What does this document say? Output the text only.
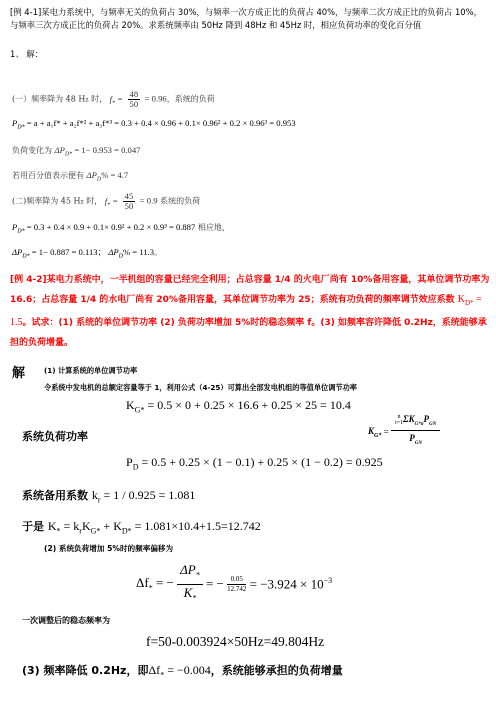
[例 4-1]某电力系统中，与频率无关的负荷占 30%，与频率一次方成正比的负荷占 40%，与频率二次方成正比的负荷占 10%，与频率三次方成正比的负荷占 20%。求系统频率由 50Hz 降到 48Hz 和 45Hz 时，相应负荷功率的变化百分值
1、 解：
(一）频率降为 48 Hz 时， $f_* = \frac{48}{50} = 0.96$，系统的负荷
$P_{D*} = a + a_1f* + a_2f*^2 + a_3f*^3 = 0.3 + 0.4 \times 0.96 + 0.1\times 0.96^2 + 0.2 \times 0.96^3 = 0.953$
负荷变化为 $\Delta P_{D*} = 1- 0.953 = 0.047$
若用百分值表示便有 $\Delta P_D\% = 4.7$
(二)频率降为 45 Hz 时， $f_* = \frac{45}{50} = 0.9$ 系统的负荷
$P_{D*} = 0.3 + 0.4 \times 0.9 + 0.1\times 0.9^2 + 0.2 \times 0.9^3 = 0.887$ 相应地，
$\Delta P_{D*} = 1- 0.887 = 0.113$； $\Delta P_D\% = 11.3$。
[例 4-2]某电力系统中，一半机组的容量已经完全利用；占总容量 1/4 的火电厂尚有 10%备用容量，其单位调节功率为 16.6；占总容量 1/4 的水电厂尚有 20%备用容量，其单位调节功率为 25；系统有功负荷的频率调节效应系数 $K_{D*} = 1.5$。试求：(1) 系统的单位调节功率 (2) 负荷功率增加 5%时的稳态频率 f。(3) 如频率容许降低 0.2Hz，系统能够承担的负荷增量。
解	(1) 计算系统的单位调节功率
令系统中发电机的总额定容量等于 1，利用公式（4-25）可算出全部发电机组的等值单位调节功率
$K_{G*} = 0.5 \times 0 + 0.25 \times 16.6 + 0.25 \times 25 = 10.4$
系统负荷功率	$K_{G*}$ =
n
i=1 $\Sigma K_{G*n}P_{GN}$
$P_{GN}$
$P_D = 0.5 + 0.25 \times (1 - 0.1) + 0.25 \times (1 - 0.2) = 0.925$
系统备用系数 $k_r = 1 / 0.925 = 1.081$
于是 $K_* = k_rK_{G*} + K_{D*} = 1.081\times 10.4+1.5=12.742$
(2) 系统负荷增加 5%时的频率偏移为
$\Delta f_*$ = − $\frac{\Delta P_*}{K_*}$ = − $\frac{0.05}{12.742} = -3.924 \times 10^{-3}$
一次调整后的稳态频率为
f=50-0.003924×50Hz=49.804Hz
(3) 频率降低 0.2Hz，即$\Delta f_* = -0.004$，系统能够承担的负荷增量
